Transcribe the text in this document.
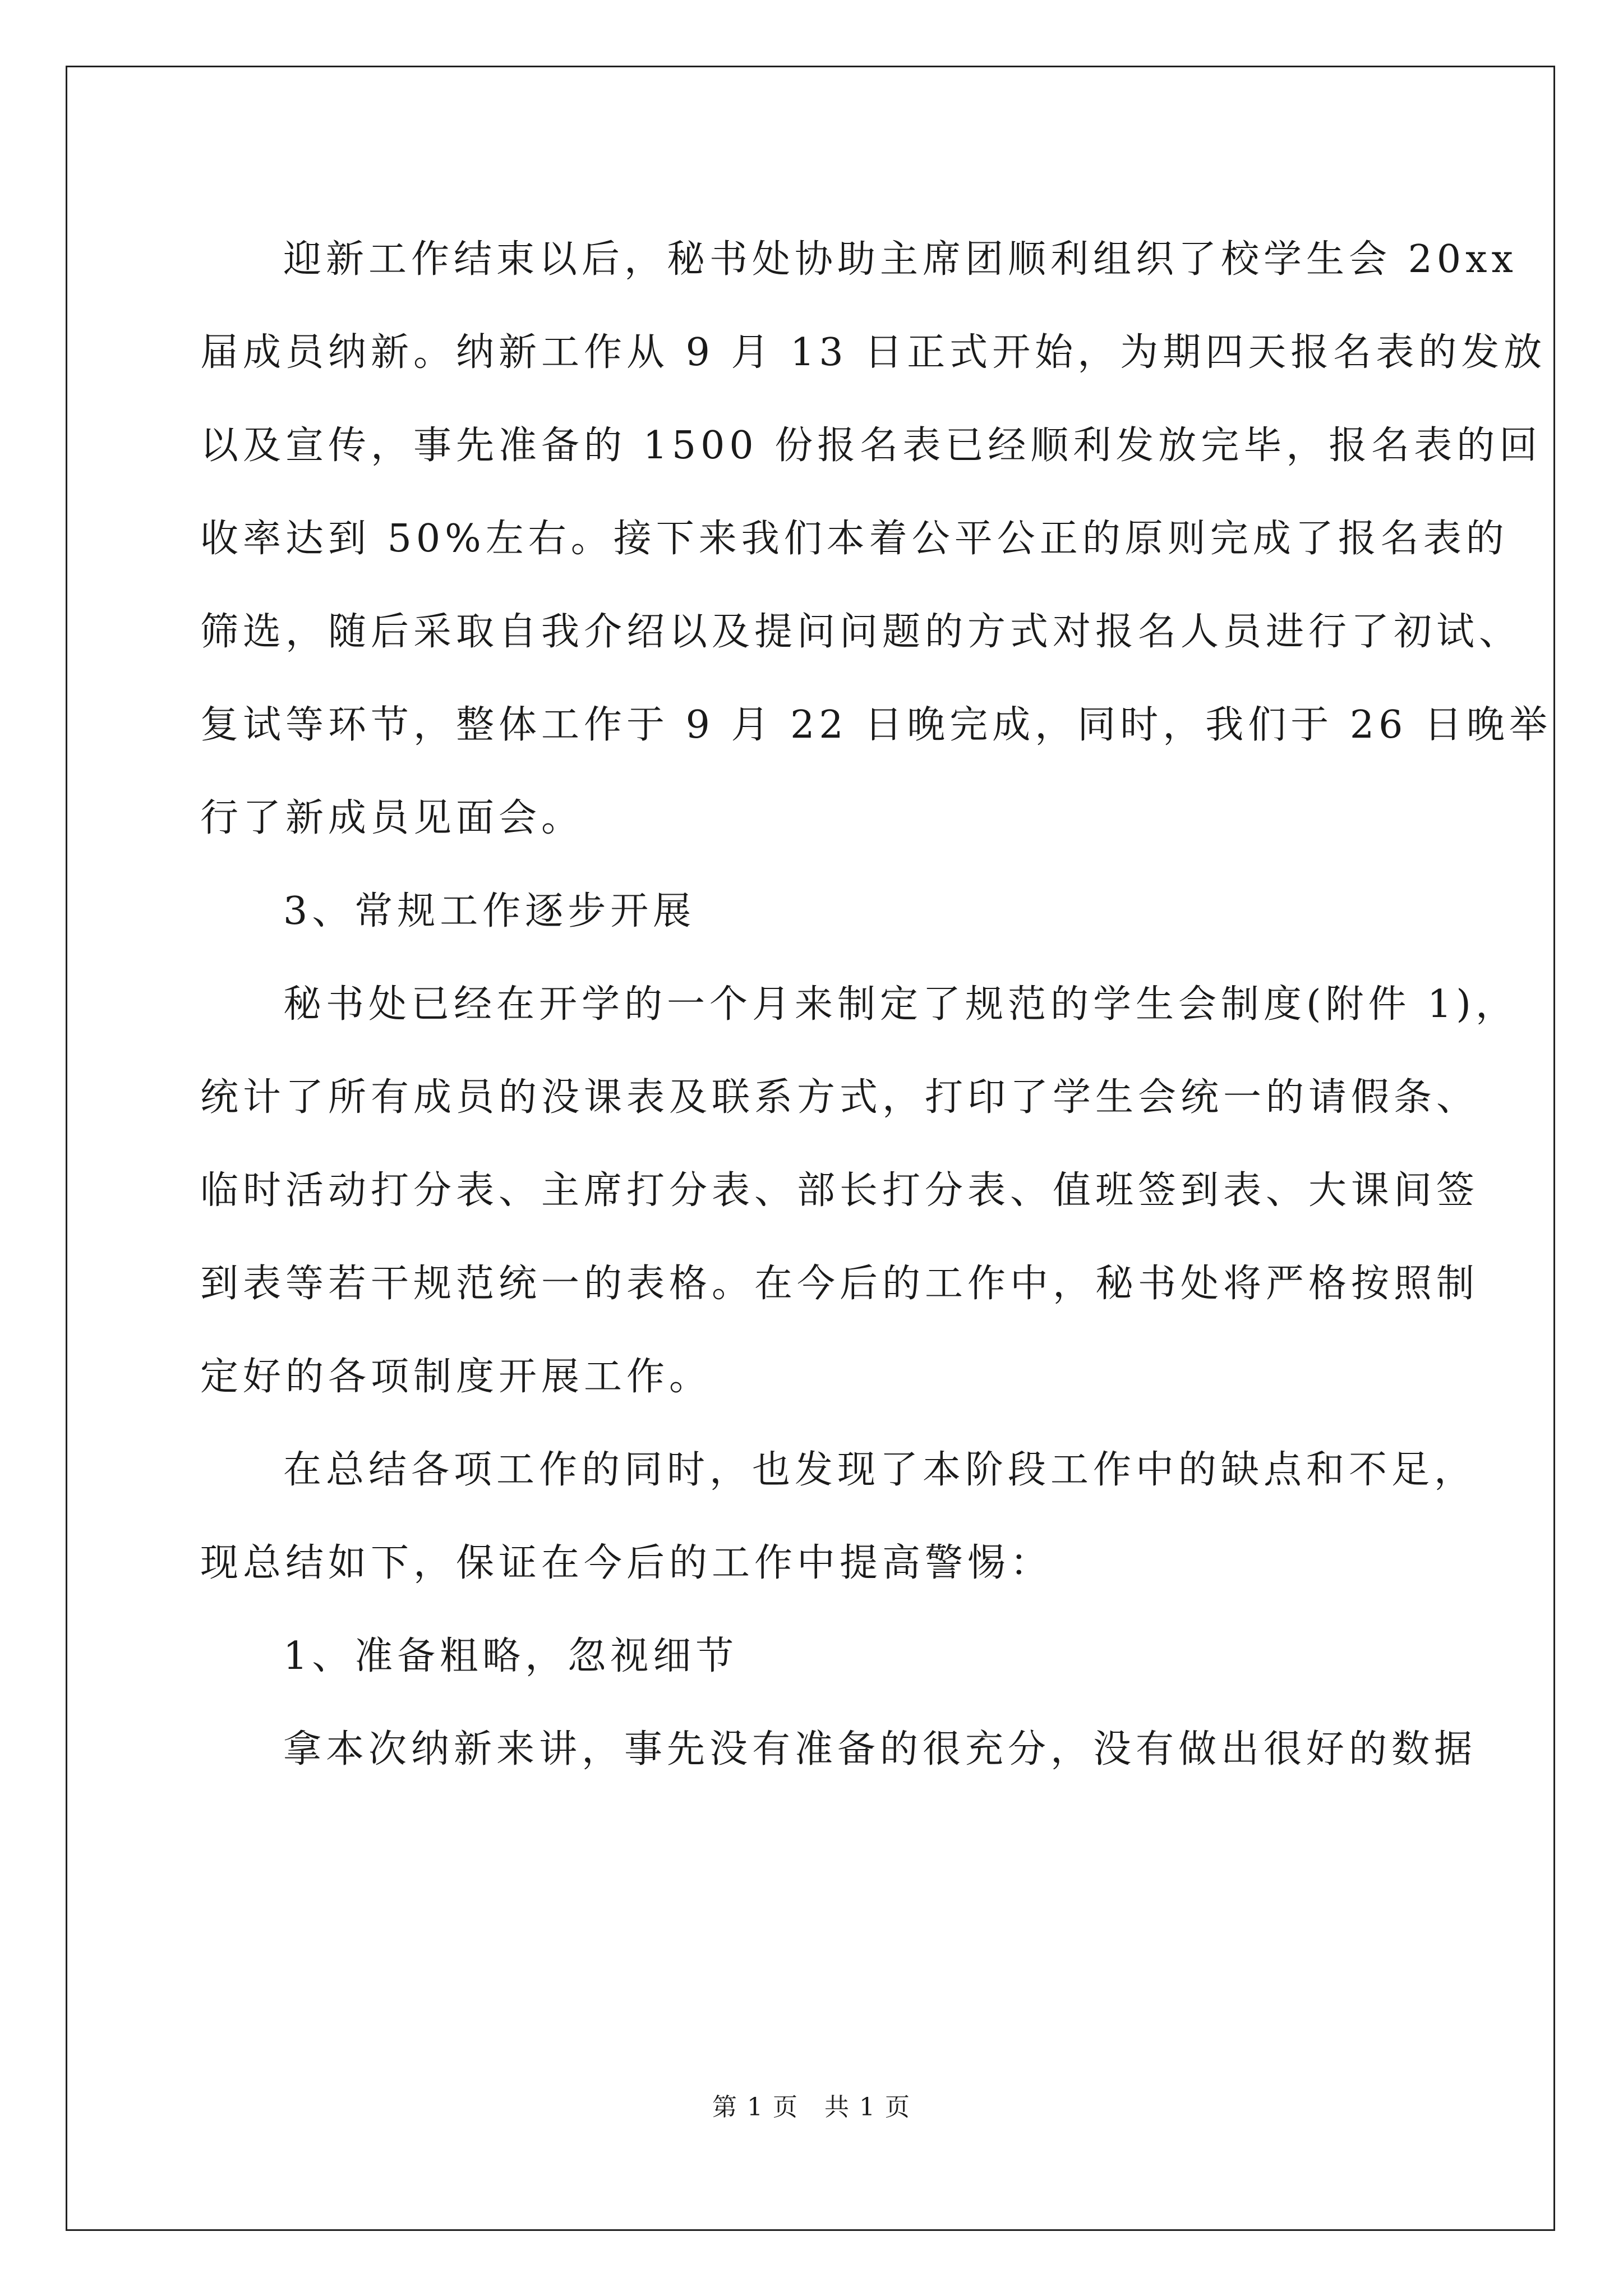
迎新工作结束以后，秘书处协助主席团顺利组织了校学生会 20xx
届成员纳新。纳新工作从 9 月 13 日正式开始，为期四天报名表的发放
以及宣传，事先准备的 1500 份报名表已经顺利发放完毕，报名表的回
收率达到 50%左右。接下来我们本着公平公正的原则完成了报名表的
筛选，随后采取自我介绍以及提问问题的方式对报名人员进行了初试、
复试等环节，整体工作于 9 月 22 日晚完成，同时，我们于 26 日晚举
行了新成员见面会。
3、常规工作逐步开展
秘书处已经在开学的一个月来制定了规范的学生会制度(附件 1)，
统计了所有成员的没课表及联系方式，打印了学生会统一的请假条、
临时活动打分表、主席打分表、部长打分表、值班签到表、大课间签
到表等若干规范统一的表格。在今后的工作中，秘书处将严格按照制
定好的各项制度开展工作。
在总结各项工作的同时，也发现了本阶段工作中的缺点和不足，
现总结如下，保证在今后的工作中提高警惕：
1、准备粗略，忽视细节
拿本次纳新来讲，事先没有准备的很充分，没有做出很好的数据
第 1 页　共 1 页
